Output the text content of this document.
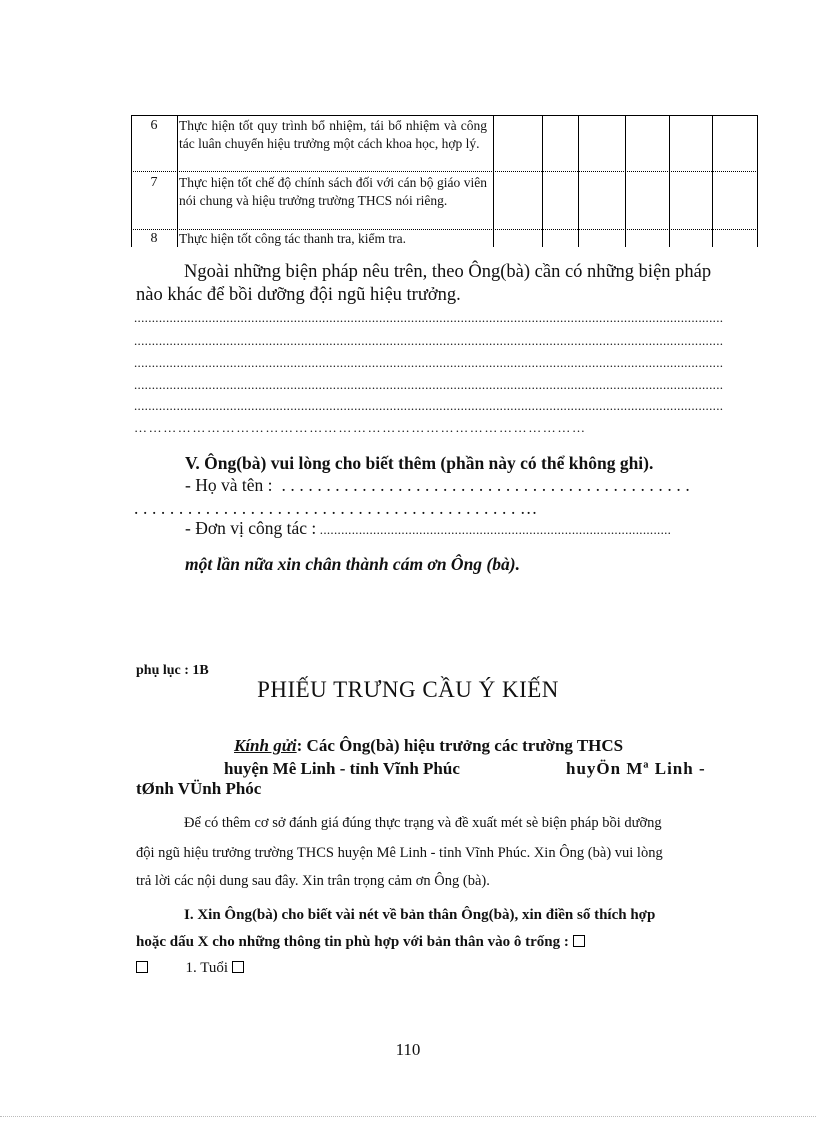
6	Thực hiện tốt quy trình bổ nhiệm, tái bổ nhiệm và công tác luân chuyển hiệu trưởng một cách khoa học, hợp lý.
7	Thực hiện tốt chế độ chính sách đối với cán bộ giáo viên nói chung và hiệu trưởng trường THCS nói riêng.
8	Thực hiện tốt công tác thanh tra, kiểm tra.
Ngoài những biện pháp nêu trên, theo Ông(bà) cần có những biện pháp
nào khác để bồi dưỡng đội ngũ hiệu trưởng.
......................................................................................................................................................................
......................................................................................................................................................................
......................................................................................................................................................................
......................................................................................................................................................................
......................................................................................................................................................................
…………………………………………………………………………………
V. Ông(bà) vui lòng cho biết thêm (phần này có thể không ghi).
- Họ và tên : ..............................................
...........................................…
- Đơn vị công tác : ...................................................................................................
một lần nữa xin chân thành cám ơn Ông (bà).
phụ lục : 1B
PHIẾU TRƯNG CẦU Ý KIẾN
Kính gửi: Các Ông(bà) hiệu trưởng các trường THCS
huyện Mê Linh - tỉnh Vĩnh Phúc	huyÖn Mª Linh -
tØnh VÜnh Phóc
Để có thêm cơ sở đánh giá đúng thực trạng và đề xuất mét sè biện pháp bồi dưỡng
đội ngũ hiệu trưởng trường THCS huyện Mê Linh - tỉnh Vĩnh Phúc. Xin Ông (bà) vui lòng
trả lời các nội dung sau đây. Xin trân trọng cảm ơn Ông (bà).
I. Xin Ông(bà) cho biết vài nét về bản thân Ông(bà), xin điền số thích hợp
hoặc dấu X cho những thông tin phù hợp với bản thân vào ô trống :
1. Tuổi
110
